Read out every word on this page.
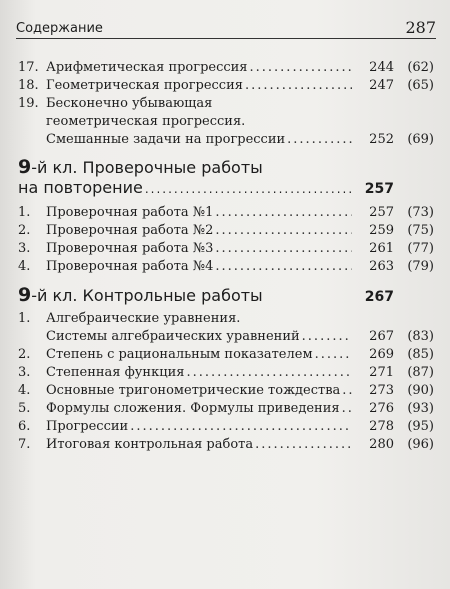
Содержание	287
17. Арифметическая прогрессия .....	244	(62)
18. Геометрическая прогрессия .....	247	(65)
19. Бесконечно убывающая
геометрическая прогрессия.
Смешанные задачи на прогрессии .....	252	(69)
9-й кл. Проверочные работы
на повторение .....	257
1.	Проверочная работа №1 .....	257	(73)
2.	Проверочная работа №2 .....	259	(75)
3.	Проверочная работа №3 .....	261	(77)
4.	Проверочная работа №4 .....	263	(79)
9-й кл. Контрольные работы	267
1.	Алгебраические уравнения.
Системы алгебраических уравнений .....	267	(83)
2.	Степень с рациональным показателем .....	269	(85)
3.	Степенная функция .....	271	(87)
4.	Основные тригонометрические тождества .....	273	(90)
5.	Формулы сложения. Формулы приведения .....	276	(93)
6.	Прогрессии .....	278	(95)
7.	Итоговая контрольная работа .....	280	(96)
